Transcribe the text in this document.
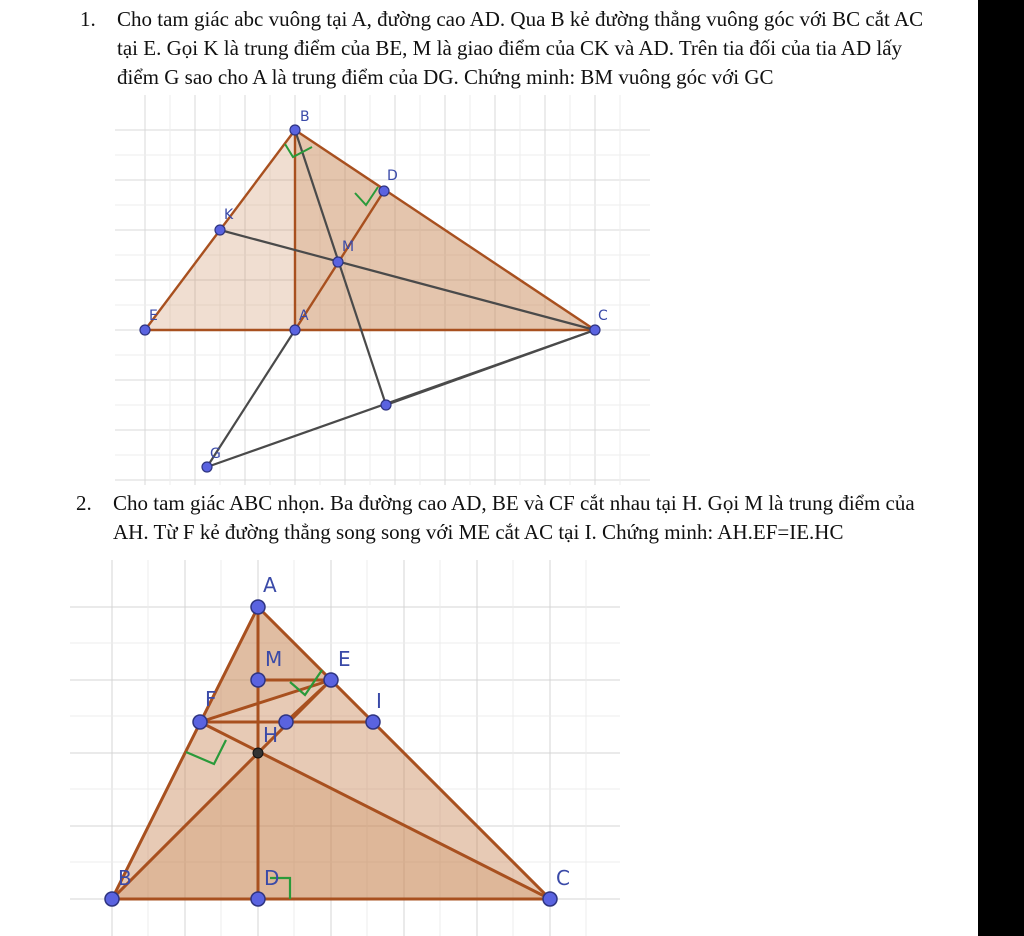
1. Cho tam giác abc vuông tại A, đường cao AD. Qua B kẻ đường thẳng vuông góc với BC cắt AC
tại E. Gọi K là trung điểm của BE, M là giao điểm của CK và AD. Trên tia đối của tia AD lấy
điểm G sao cho A là trung điểm của DG. Chứng minh: BM vuông góc với GC
B
D
K
M
E	A	C
G
2. Cho tam giác ABC nhọn. Ba đường cao AD, BE và CF cắt nhau tại H. Gọi M là trung điểm của
AH. Từ F kẻ đường thẳng song song với ME cắt AC tại I. Chứng minh: AH.EF=IE.HC
A
M	E
F	I
H
B	D	C
